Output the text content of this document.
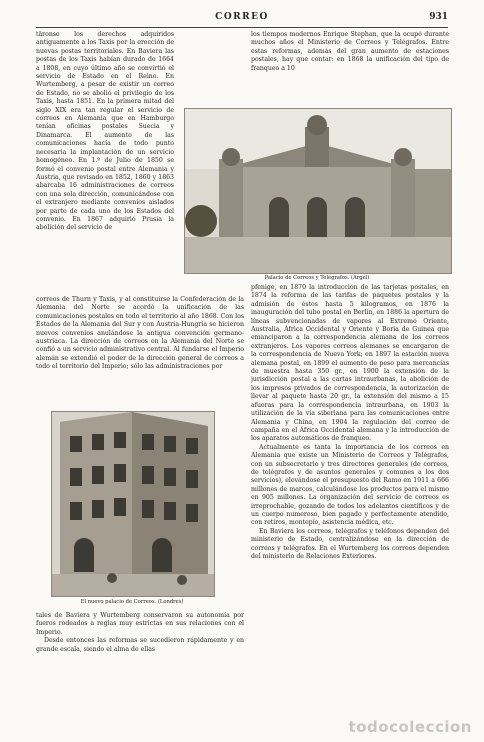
CORREO	931

târonse los derechos adquiridos antiguamente a los Taxis por la erección de nuevas postas territoriales. En Baviera las postas de los Taxis habían durado de 1664 a 1808, en cuyo último año se convirtió el servicio de Estado en el Reino. En Wurtemberg, a pesar de existir un correo de Estado, no se abolió el privilegio de los Taxis, hasta 1851. En la primera mitad del siglo XIX era tan regular el servicio de correos en Alemania que en Hamburgo tenían oficinas postales Suecia y Dinamarca. El aumento de las comunicaciones hacía de todo punto necesaria la implantación de un servicio homogéneo. En 1.º de Julio de 1850 se formó el convenio postal entre Alemania y Austria, que revisado en 1852, 1860 y 1863 abarcaba 16 administraciones de correos con una sola dirección, comunicándose con el extranjero mediante convenios aislados por parte de cada uno de los Estados del convenio. En 1867 adquirió Prusia la abolición del servicio de

los tiempos modernos Enrique Stephan, que la ocupó durante muchos años el Ministerio de Correos y Telégrafos. Entre estas reformas, además del gran aumento de estaciones postales, hay que contar: en 1868 la unificación del tipo de franqueo a 10

Palacio de Correos y Telégrafos. (Argel)

pfenige, en 1870 la introducción de las tarjetas postales, en 1874 la reforma de las tarifas de paquetes postales y la admisión de éstos hasta 5 kilogramos, en 1876 la inauguración del tubo postal en Berlín, en 1886 la apertura de líneas subvencionadas de vapores al Extremo Oriente, Australia, África Occidental y Oriente y Boria de Guinea que emanciparon a la correspondencia alemana de los correos extranjeros. Los vapores correos alemanes se encargaron de la correspondencia de Nueva York; en 1897 la estación nueva alemana postal, en 1899 el aumento de peso para mercancías de muestra hasta 350 gr., en 1900 la extensión de la jurisdicción postal a las cartas intraurbanas, la abolición de los impresos privados de correspondencia, la autorización de llevar al paquete hasta 20 gr., la extensión del mismo a 15 afueras para la correspondencia intraurbana, en 1903 la utilización de la vía siberiana para las comunicaciones entre Alemania y China, en 1904 la regulación del correo de campaña en el África Occidental alemana y la introducción de los aparatos automáticos de franqueo.

Actualmente es tanta la importancia de los correos en Alemania que existe un Ministerio de Correos y Telégrafos, con un subsecretario y tres directores generales (de correos, de telégrafos y de asuntos generales y comunes a los dos servicios), elevándose el presupuesto del Ramo en 1911 a 666 millones de marcos, calculándose los productos para el mismo en 905 millones. La organización del servicio de correos es irreprochable, gozando de todos los adelantos científicos y de un cuerpo numeroso, bien pagado y perfectamente atendido, con retiros, montepío, asistencia médica, etc.

En Baviera los correos, telégrafos y teléfonos dependen del ministerio de Estado, centralizándose en la dirección de correos y telégrafos. En el Wurtemberg los correos dependen del ministerio de Relaciones Exteriores.

correos de Thurn y Taxis, y al constituirse la Confederación de la Alemania del Norte se acordó la unificación de las comunicaciones postales en todo el territorio al año 1868. Con los Estados de la Alemania del Sur y con Austria-Hungría se hicieron nuevos convenios anulándose la antigua convención germano-austriaca. La dirección de correos en la Alemania del Norte se confió a un servicio administrativo central. Al fundarse el Imperio alemán se extendió el poder de la dirección general de correos a todo el territorio del Imperio; sólo las administraciones por

El nuevo palacio de Correos. (Londres)

tales de Baviera y Wurtemberg conservaron su autonomía por fueros rodeados a reglas muy estrictas en sus relaciones con el Imperio.

Desde entonces las reformas se sucedieron rápidamente y en grande escala, siendo el alma de ellas

todocoleccion
